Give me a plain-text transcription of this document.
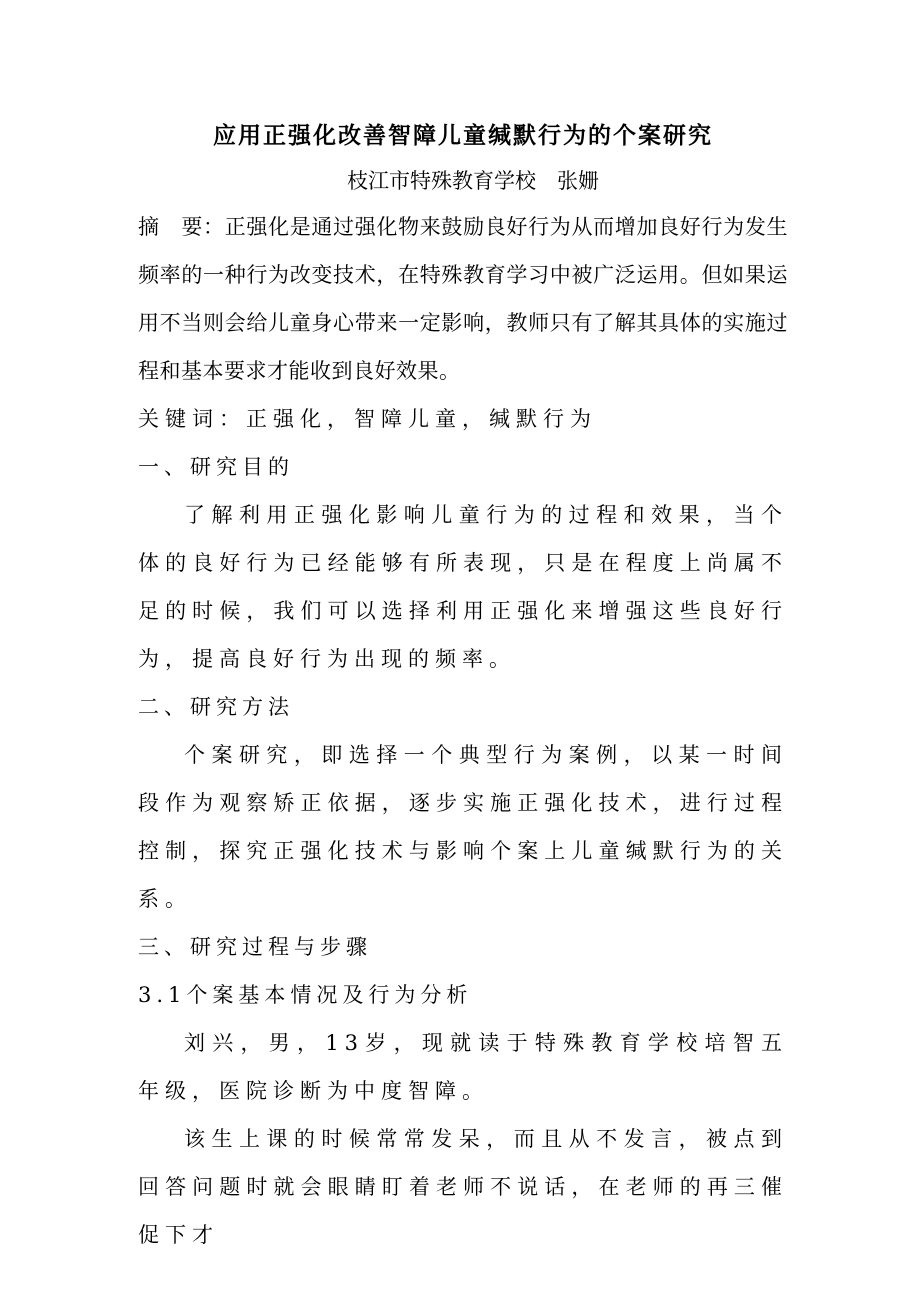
应用正强化改善智障儿童缄默行为的个案研究

枝江市特殊教育学校　张姗

摘　要：正强化是通过强化物来鼓励良好行为从而增加良好行为发生频率的一种行为改变技术，在特殊教育学习中被广泛运用。但如果运用不当则会给儿童身心带来一定影响，教师只有了解其具体的实施过程和基本要求才能收到良好效果。

关键词：正强化，智障儿童，缄默行为

一、研究目的

了解利用正强化影响儿童行为的过程和效果，当个体的良好行为已经能够有所表现，只是在程度上尚属不足的时候，我们可以选择利用正强化来增强这些良好行为，提高良好行为出现的频率。

二、研究方法

个案研究，即选择一个典型行为案例，以某一时间段作为观察矫正依据，逐步实施正强化技术，进行过程控制，探究正强化技术与影响个案上儿童缄默行为的关系。

三、研究过程与步骤

3.1个案基本情况及行为分析

刘兴，男，13岁，现就读于特殊教育学校培智五年级，医院诊断为中度智障。

该生上课的时候常常发呆，而且从不发言，被点到回答问题时就会眼睛盯着老师不说话，在老师的再三催促下才
